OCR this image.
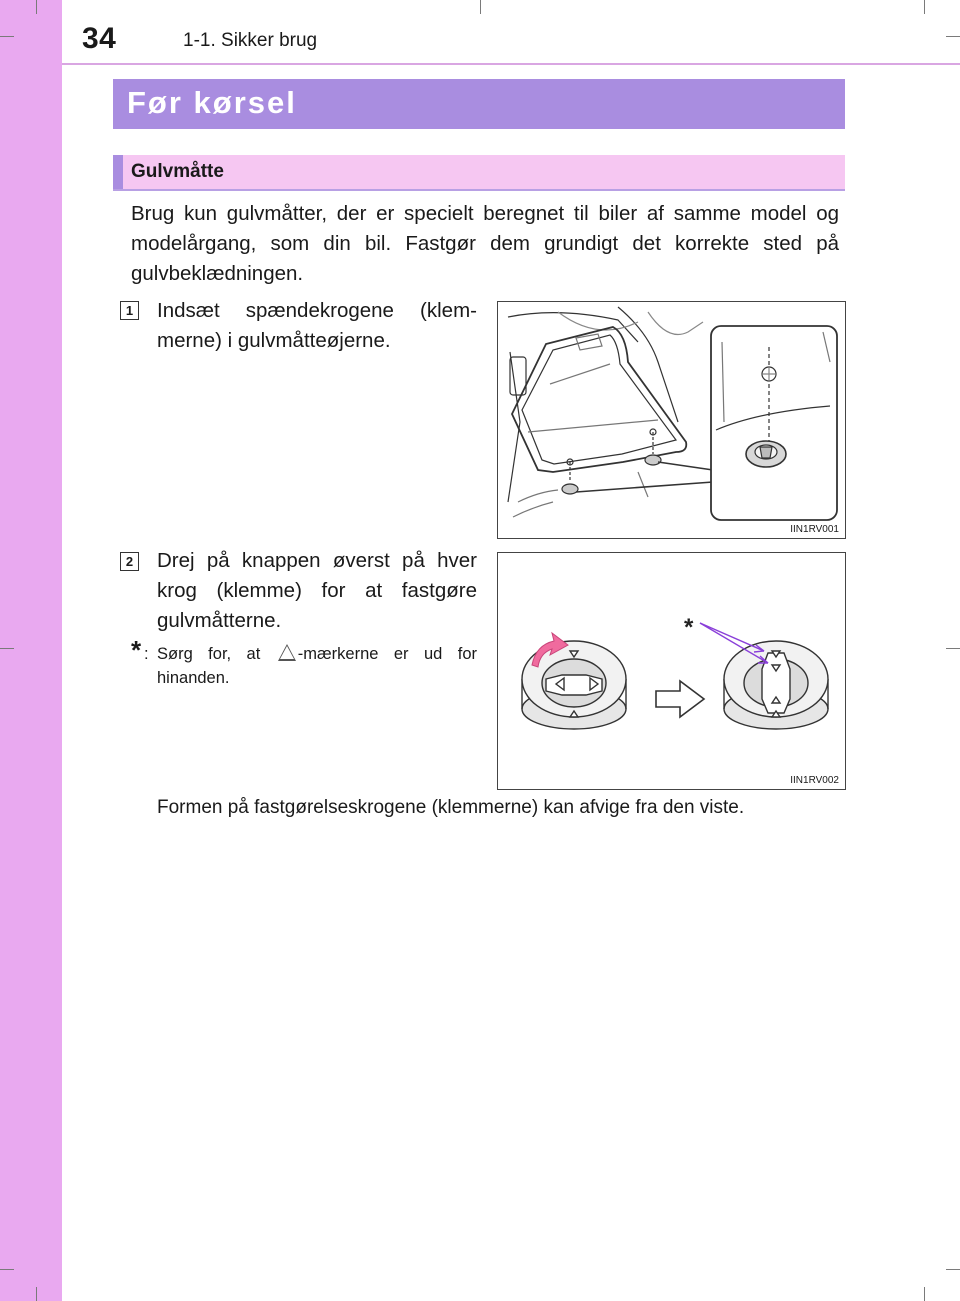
34	1-1. Sikker brug
Før kørsel
Gulvmåtte
Brug kun gulvmåtter, der er specielt beregnet til biler af samme model og modelårgang, som din bil. Fastgør dem grundigt det korrekte sted på gulvbeklædningen.
1 Indsæt spændekrogene (klem-merne) i gulvmåtteøjerne.
IIN1RV001
2 Drej på knappen øverst på hver krog (klemme) for at fastgøre gulvmåtterne.
* : Sørg for, at -mærkerne er ud for hinanden.
*
IIN1RV002
Formen på fastgørelseskrogene (klemmerne) kan afvige fra den viste.
